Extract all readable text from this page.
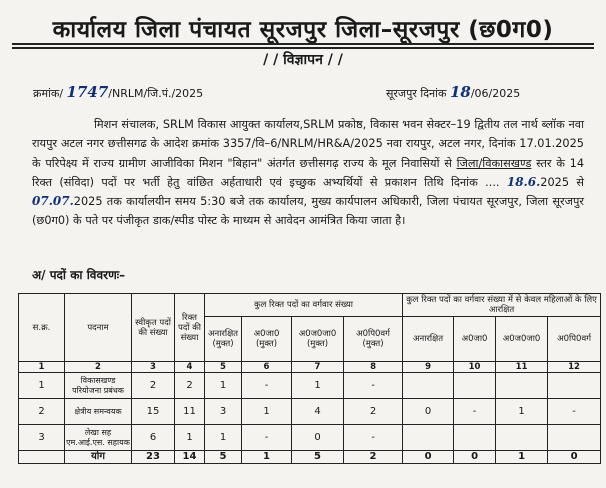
कार्यालय जिला पंचायत सूरजपुर जिला–सूरजपुर (छ0ग0)
/ / विज्ञापन / /
क्रमांक/ 1747/NRLM/जि.पं./2025	सूरजपुर दिनांक 18/06/2025
मिशन संचालक, SRLM विकास आयुक्त कार्यालय,SRLM प्रकोष्ठ, विकास भवन सेक्टर–19 द्वितीय तल नार्थ ब्लॉक नवा रायपुर अटल नगर छत्तीसगढ के आदेश क्रमांक 3357/वि–6/NRLM/HR&A/2025 नवा रायपुर, अटल नगर, दिनांक 17.01.2025 के परिपेक्ष्य में राज्य ग्रामीण आजीविका मिशन "बिहान" अंतर्गत छत्तीसगढ़ राज्य के मूल निवासियों से जिला/विकासखण्ड स्तर के 14 रिक्त (संविदा) पदों पर भर्ती हेतु वांछित अर्हताधारी एवं इच्छुक अभ्यर्थियों से प्रकाशन तिथि दिनांक .... 18.6.2025 से 07.07.2025 तक कार्यालयीन समय 5:30 बजे तक कार्यालय, मुख्य कार्यपालन अधिकारी, जिला पंचायत सूरजपुर, जिला सूरजपुर (छ0ग0) के पते पर पंजीकृत डाक/स्पीड पोस्ट के माध्यम से आवेदन आमंत्रित किया जाता है।
अ/ पदों का विवरणः–
स.क्र.	पदनाम	स्वीकृत पदों की संख्या	रिक्त पदों की संख्या	कुल रिक्त पदों का वर्गवार संख्या				कुल रिक्त पदों का वर्गवार संख्या में से केवल महिलाओं के लिए आरक्षित			
				अनारक्षित (मुक्त)	अ0जा0 (मुक्त)	अ0ज0जा0 (मुक्त)	अ0पि0वर्ग (मुक्त)	अनारक्षित	अ0जा0	अ0ज0जा0	अ0पि0वर्ग
1	2	3	4	5	6	7	8	9	10	11	12
1	विकासखण्ड परियोजना प्रबंधक	2	2	1	-	1	-				
2	क्षेत्रीय समन्वयक	15	11	3	1	4	2	0	-	1	-
3	लेखा सह एम.आई.एस. सहायक	6	1	1	-	0	-				
	योग	23	14	5	1	5	2	0	0	1	0
